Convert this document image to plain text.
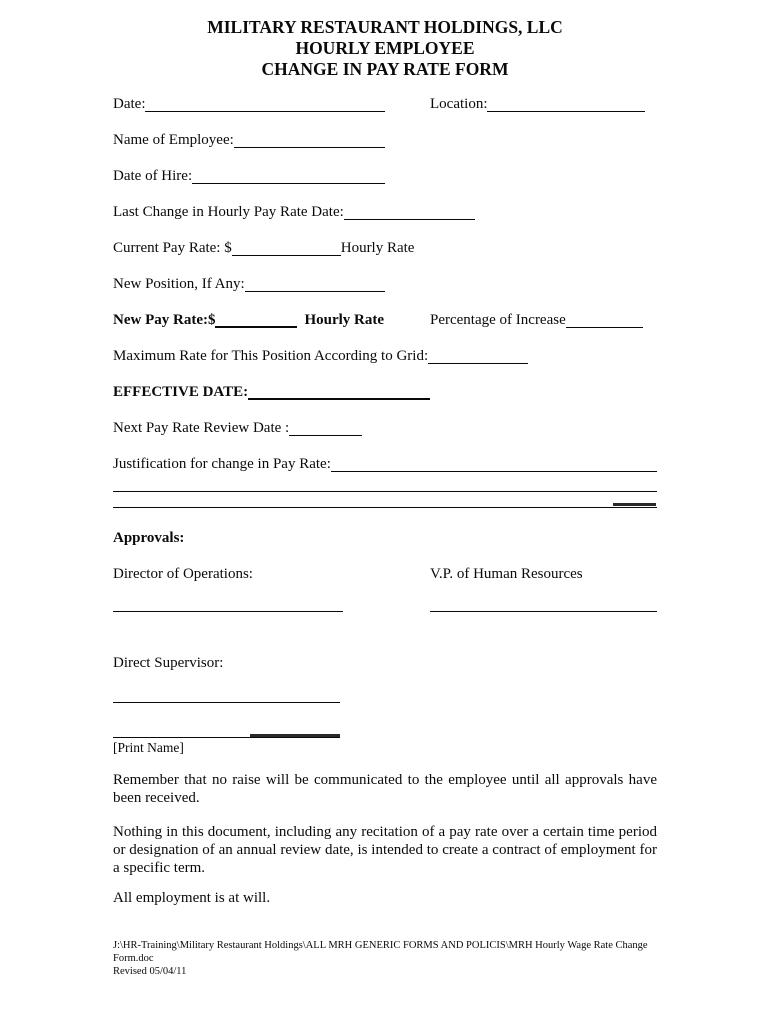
MILITARY RESTAURANT HOLDINGS, LLC
HOURLY EMPLOYEE
CHANGE IN PAY RATE FORM
Date:	Location:
Name of Employee:
Date of Hire:
Last Change in Hourly Pay Rate Date:
Current Pay Rate: $	Hourly Rate
New Position, If Any:
New Pay Rate:$	Hourly Rate	Percentage of Increase
Maximum Rate for This Position According to Grid:
EFFECTIVE DATE:
Next Pay Rate Review Date :
Justification for change in Pay Rate:
Approvals:
Director of Operations:	V.P. of Human Resources
Direct Supervisor:
[Print Name]
Remember that no raise will be communicated to the employee until all approvals have been received.
Nothing in this document, including any recitation of a pay rate over a certain time period or designation of an annual review date, is intended to create a contract of employment for a specific term.
All employment is at will.
J:\HR-Training\Military Restaurant Holdings\ALL MRH GENERIC FORMS AND POLICIS\MRH Hourly Wage Rate Change Form.doc
Revised 05/04/11
